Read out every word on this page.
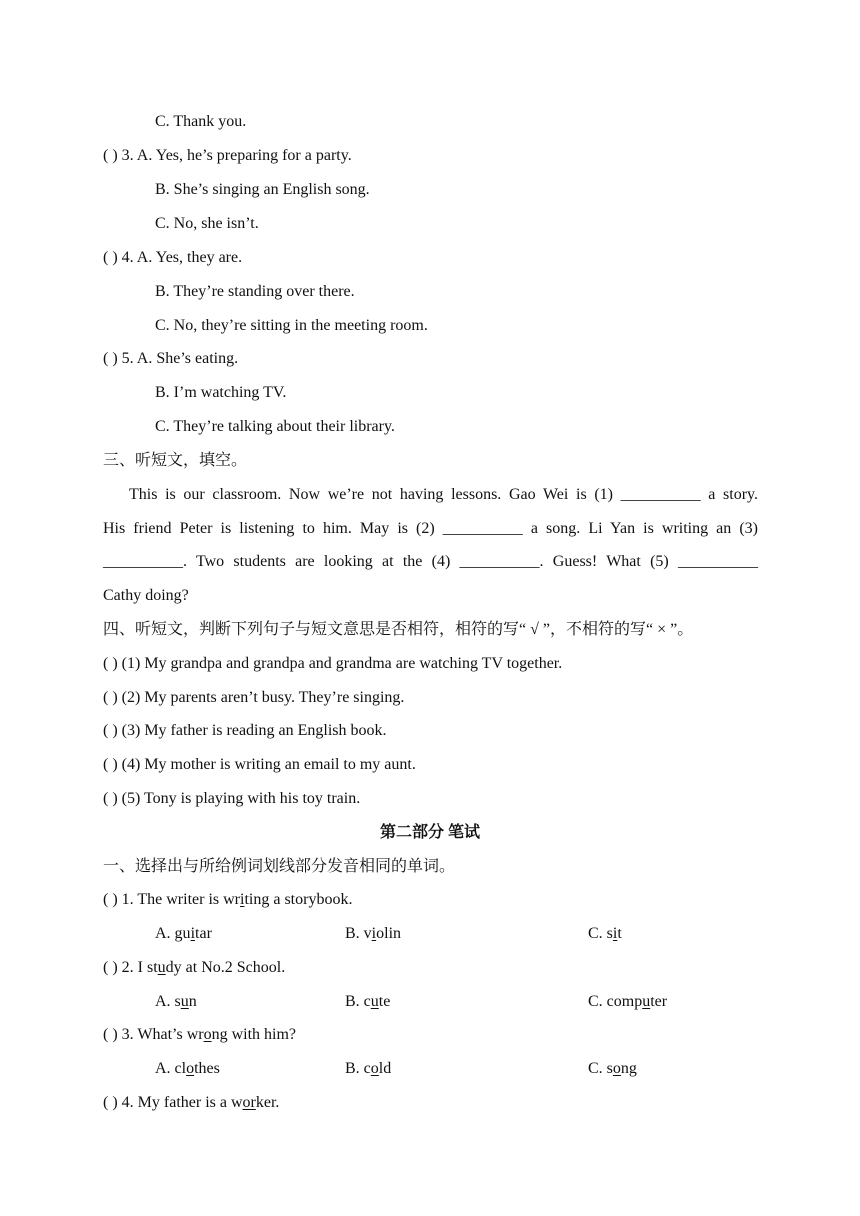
C. Thank you.
( ) 3. A. Yes, he’s preparing for a party.
B. She’s singing an English song.
C. No, she isn’t.
( ) 4. A. Yes, they are.
B. They’re standing over there.
C. No, they’re sitting in the meeting room.
( ) 5. A. She’s eating.
B. I’m watching TV.
C. They’re talking about their library.
三、听短文，填空。
This is our classroom. Now we’re not having lessons. Gao Wei is (1) __________ a story.
His friend Peter is listening to him. May is (2) __________ a song. Li Yan is writing an (3)
__________. Two students are looking at the (4) __________. Guess! What (5) __________
Cathy doing?
四、听短文，判断下列句子与短文意思是否相符，相符的写“ √ ”，不相符的写“ × ”。
( ) (1) My grandpa and grandpa and grandma are watching TV together.
( ) (2) My parents aren’t busy. They’re singing.
( ) (3) My father is reading an English book.
( ) (4) My mother is writing an email to my aunt.
( ) (5) Tony is playing with his toy train.
第二部分 笔试
一、选择出与所给例词划线部分发音相同的单词。
( ) 1. The writer is writing a storybook.
A. guitar	B. violin	C. sit
( ) 2. I study at No.2 School.
A. sun	B. cute	C. computer
( ) 3. What’s wrong with him?
A. clothes	B. cold	C. song
( ) 4. My father is a worker.
